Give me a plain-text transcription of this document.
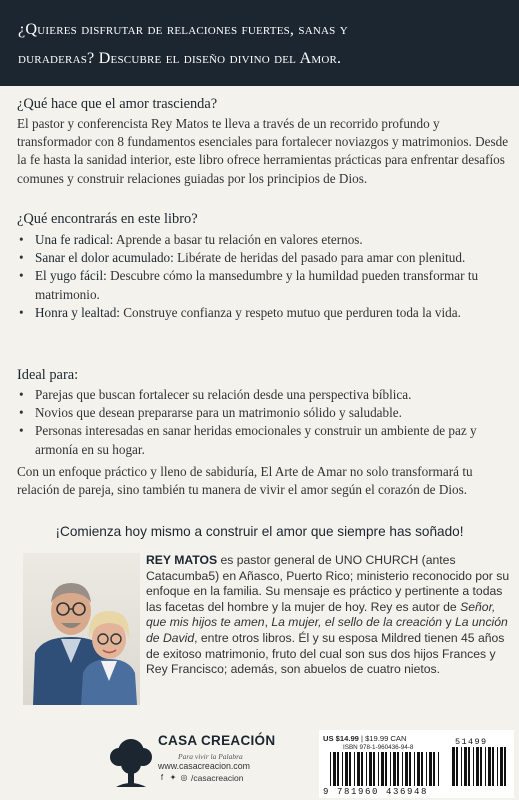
¿Quieres disfrutar de relaciones fuertes, sanas y
duraderas? Descubre el diseño divino del Amor.
¿Qué hace que el amor trascienda?
El pastor y conferencista Rey Matos te lleva a través de un recorrido profundo y transformador con 8 fundamentos esenciales para fortalecer noviazgos y matrimonios. Desde la fe hasta la sanidad interior, este libro ofrece herramientas prácticas para enfrentar desafíos comunes y construir relaciones guiadas por los principios de Dios.
¿Qué encontrarás en este libro?
• Una fe radical: Aprende a basar tu relación en valores eternos.
• Sanar el dolor acumulado: Libérate de heridas del pasado para amar con plenitud.
• El yugo fácil: Descubre cómo la mansedumbre y la humildad pueden transformar tu matrimonio.
• Honra y lealtad: Construye confianza y respeto mutuo que perduren toda la vida.
Ideal para:
• Parejas que buscan fortalecer su relación desde una perspectiva bíblica.
• Novios que desean prepararse para un matrimonio sólido y saludable.
• Personas interesadas en sanar heridas emocionales y construir un ambiente de paz y armonía en su hogar.
Con un enfoque práctico y lleno de sabiduría, El Arte de Amar no solo transformará tu relación de pareja, sino también tu manera de vivir el amor según el corazón de Dios.
¡Comienza hoy mismo a construir el amor que siempre has soñado!
REY MATOS es pastor general de UNO CHURCH (antes Catacumba5) en Añasco, Puerto Rico; ministerio reconocido por su enfoque en la familia. Su mensaje es práctico y pertinente a todas las facetas del hombre y la mujer de hoy. Rey es autor de Señor, que mis hijos te amen, La mujer, el sello de la creación y La unción de David, entre otros libros. Él y su esposa Mildred tienen 45 años de exitoso matrimonio, fruto del cual son sus dos hijos Frances y Rey Francisco; además, son abuelos de cuatro nietos.
CASA CREACIÓN
Para vivir la Palabra
www.casacreacion.com
f ✦ ◎ /casacreacion
US $14.99 | $19.99 CAN
ISBN 978-1-960436-94-8
51499
9 781960 436948
